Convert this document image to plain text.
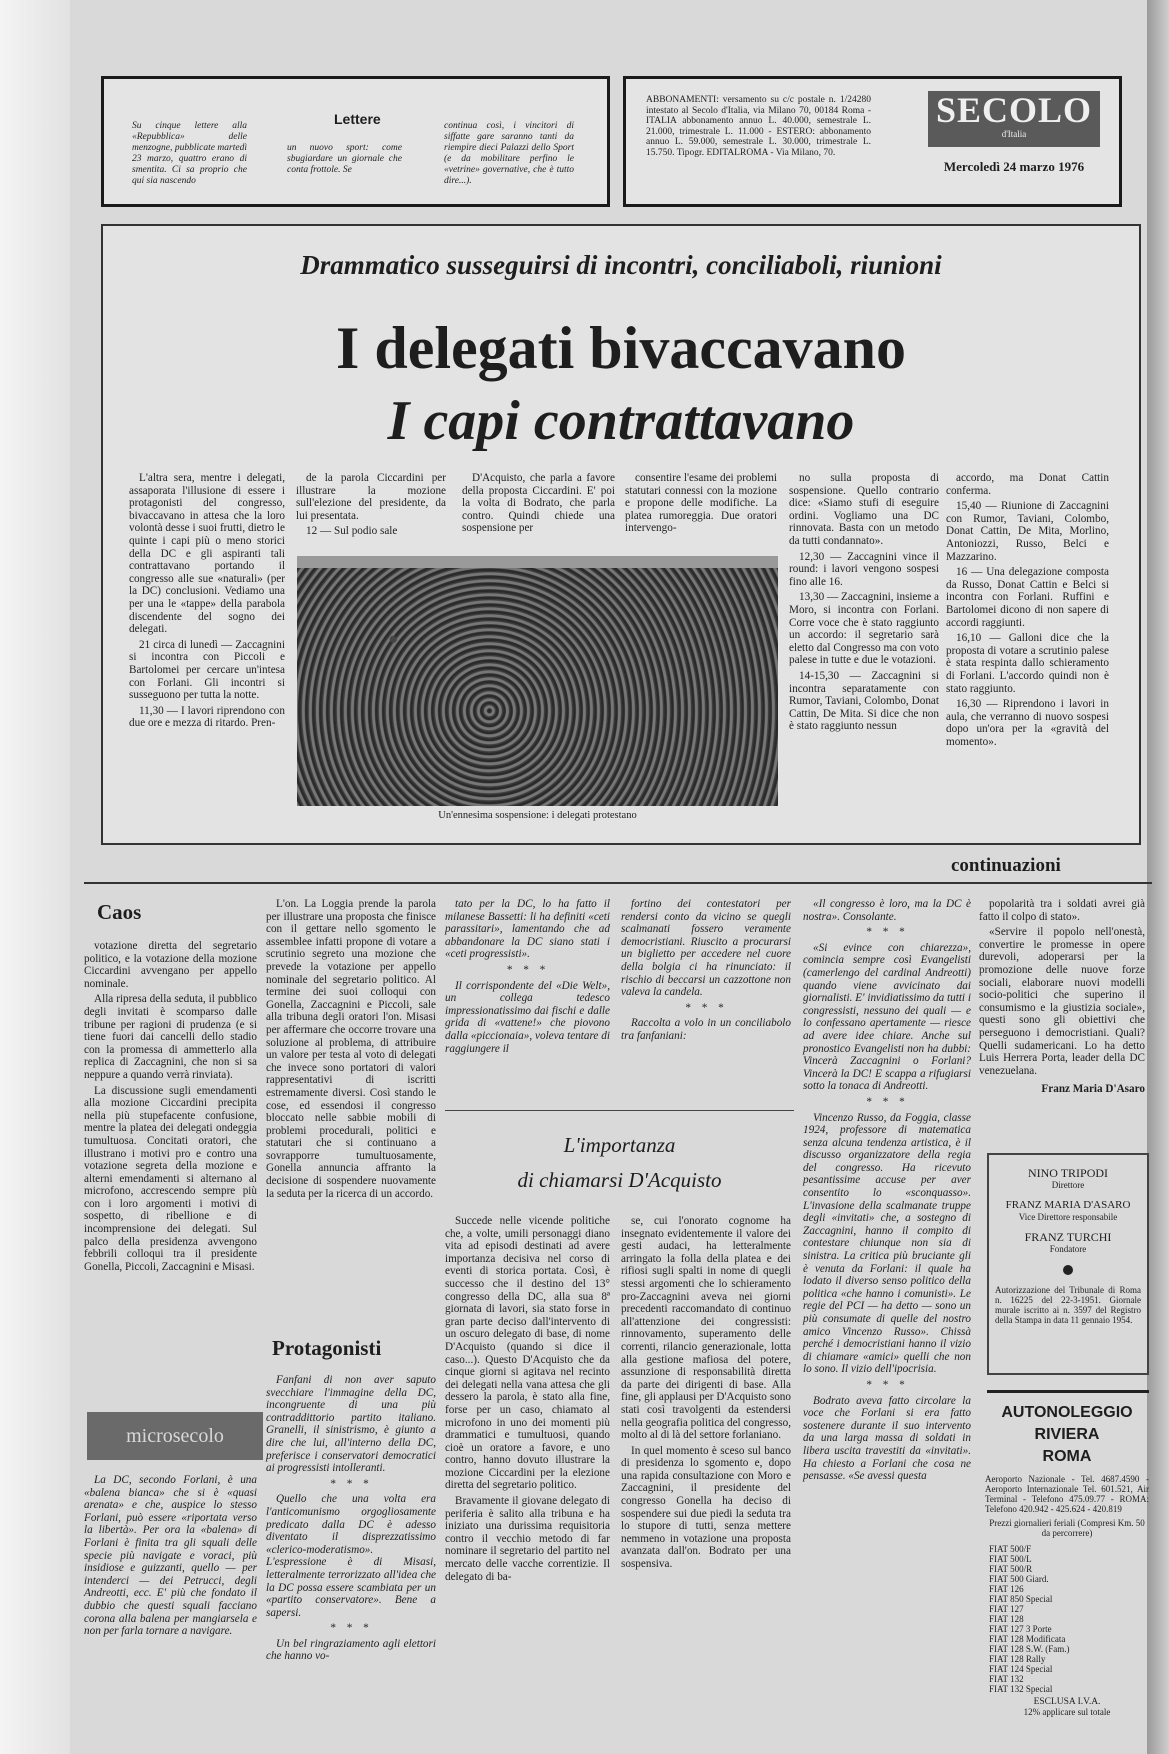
Su cinque lettere alla «Repubblica» delle menzogne, pubblicate martedì 23 marzo, quattro erano di smentita. Ci sa proprio che qui sia nascendo
Lettere
un nuovo sport: come sbugiardare un giornale che conta frottole. Se
continua così, i vincitori di siffatte gare saranno tanti da riempire dieci Palazzi dello Sport (e da mobilitare perfino le «vetrine» governative, che è tutto dire...).
ABBONAMENTI: versamento su c/c postale n. 1/24280 intestato al Secolo d'Italia, via Milano 70, 00184 Roma - ITALIA abbonamento annuo L. 40.000, semestrale L. 21.000, trimestrale L. 11.000 - ESTERO: abbonamento annuo L. 59.000, semestrale L. 30.000, trimestrale L. 15.750. Tipogr. EDITALROMA - Via Milano, 70.
SECOLO
d'Italia
Mercoledì 24 marzo 1976
Drammatico susseguirsi di incontri, conciliaboli, riunioni
I delegati bivaccavano
I capi contrattavano

L'altra sera, mentre i delegati, assaporata l'illusione di essere i protagonisti del congresso, bivaccavano in attesa che la loro volontà desse i suoi frutti, dietro le quinte i capi più o meno storici della DC e gli aspiranti tali contrattavano portando il congresso alle sue «naturali» (per la DC) conclusioni. Vediamo una per una le «tappe» della parabola discendente del sogno dei delegati.

21 circa di lunedì — Zaccagnini si incontra con Piccoli e Bartolomei per cercare un'intesa con Forlani. Gli incontri si susseguono per tutta la notte.

11,30 — I lavori riprendono con due ore e mezza di ritardo. Pren-

de la parola Ciccardini per illustrare la mozione sull'elezione del presidente, da lui presentata.

12 — Sul podio sale

D'Acquisto, che parla a favore della proposta Ciccardini. E' poi la volta di Bodrato, che parla contro. Quindi chiede una sospensione per

consentire l'esame dei problemi statutari connessi con la mozione e propone delle modifiche. La platea rumoreggia. Due oratori intervengo-

no sulla proposta di sospensione. Quello contrario dice: «Siamo stufi di eseguire ordini. Vogliamo una DC rinnovata. Basta con un metodo da tutti condannato».

12,30 — Zaccagnini vince il round: i lavori vengono sospesi fino alle 16.

13,30 — Zaccagnini, insieme a Moro, si incontra con Forlani. Corre voce che è stato raggiunto un accordo: il segretario sarà eletto dal Congresso ma con voto palese in tutte e due le votazioni.

14-15,30 — Zaccagnini si incontra separatamente con Rumor, Taviani, Colombo, Donat Cattin, De Mita. Si dice che non è stato raggiunto nessun

accordo, ma Donat Cattin conferma.

15,40 — Riunione di Zaccagnini con Rumor, Taviani, Colombo, Donat Cattin, De Mita, Morlino, Antoniozzi, Russo, Belci e Mazzarino.

16 — Una delegazione composta da Russo, Donat Cattin e Belci si incontra con Forlani. Ruffini e Bartolomei dicono di non sapere di accordi raggiunti.

16,10 — Galloni dice che la proposta di votare a scrutinio palese è stata respinta dallo schieramento di Forlani. L'accordo quindi non è stato raggiunto.

16,30 — Riprendono i lavori in aula, che verranno di nuovo sospesi dopo un'ora per la «gravità del momento».

Un'ennesima sospensione: i delegati protestano
continuazioni
Caos

votazione diretta del segretario politico, e la votazione della mozione Ciccardini avvengano per appello nominale.

Alla ripresa della seduta, il pubblico degli invitati è scomparso dalle tribune per ragioni di prudenza (e si tiene fuori dai cancelli dello stadio con la promessa di ammetterlo alla replica di Zaccagnini, che non si sa neppure a quando verrà rinviata).

La discussione sugli emendamenti alla mozione Ciccardini precipita nella più stupefacente confusione, mentre la platea dei delegati ondeggia tumultuosa. Concitati oratori, che illustrano i motivi pro e contro una votazione segreta della mozione e alterni emendamenti si alternano al microfono, accrescendo sempre più con i loro argomenti i motivi di sospetto, di ribellione e di incomprensione dei delegati. Sul palco della presidenza avvengono febbrili colloqui tra il presidente Gonella, Piccoli, Zaccagnini e Misasi.

microsecolo

La DC, secondo Forlani, è una «balena bianca» che si è «quasi arenata» e che, auspice lo stesso Forlani, può essere «riportata verso la libertà». Per ora la «balena» di Forlani è finita tra gli squali delle specie più navigate e voraci, più insidiose e guizzanti, quello — per intenderci — dei Petrucci, degli Andreotti, ecc. E' più che fondato il dubbio che questi squali facciano corona alla balena per mangiarsela e non per farla tornare a navigare.

L'on. La Loggia prende la parola per illustrare una proposta che finisce con il gettare nello sgomento le assemblee infatti propone di votare a scrutinio segreto una mozione che prevede la votazione per appello nominale del segretario politico. Al termine dei suoi colloqui con Gonella, Zaccagnini e Piccoli, sale alla tribuna degli oratori l'on. Misasi per affermare che occorre trovare una soluzione al problema, di attribuire un valore per testa al voto di delegati che invece sono portatori di valori rappresentativi di iscritti estremamente diversi. Così stando le cose, ed essendosi il congresso bloccato nelle sabbie mobili di problemi procedurali, politici e statutari che si continuano a sovrapporre tumultuosamente, Gonella annuncia affranto la decisione di sospendere nuovamente la seduta per la ricerca di un accordo.

Protagonisti

Fanfani di non aver saputo svecchiare l'immagine della DC, incongruente di una più contraddittorio partito italiano. Granelli, il sinistrismo, è giunto a dire che lui, all'interno della DC, preferisce i conservatori democratici ai progressisti intolleranti.

* * *

Quello che una volta era l'anticomunismo orgogliosamente predicato dalla DC è adesso diventato il disprezzatissimo «clerico-moderatismo». L'espressione è di Misasi, letteralmente terrorizzato all'idea che la DC possa essere scambiata per un «partito conservatore». Bene a sapersi.

* * *

Un bel ringraziamento agli elettori che hanno vo-

tato per la DC, lo ha fatto il milanese Bassetti: li ha definiti «ceti parassitari», lamentando che ad abbandonare la DC siano stati i «ceti progressisti».

* * *

Il corrispondente del «Die Welt», un collega tedesco impressionatissimo dai fischi e dalle grida di «vattene!» che piovono dalla «piccionaia», voleva tentare di raggiungere il

fortino dei contestatori per rendersi conto da vicino se quegli scalmanati fossero veramente democristiani. Riuscito a procurarsi un biglietto per accedere nel cuore della bolgia ci ha rinunciato: il rischio di beccarsi un cazzottone non valeva la candela.

* * *

Raccolta a volo in un conciliabolo tra fanfaniani:

L'importanza
di chiamarsi D'Acquisto

Succede nelle vicende politiche che, a volte, umili personaggi diano vita ad episodi destinati ad avere importanza decisiva nel corso di eventi di storica portata. Così, è successo che il destino del 13° congresso della DC, alla sua 8ª giornata di lavori, sia stato forse in gran parte deciso dall'intervento di un oscuro delegato di base, di nome D'Acquisto (quando si dice il caso...). Questo D'Acquisto che da cinque giorni si agitava nel recinto dei delegati nella vana attesa che gli dessero la parola, è stato alla fine, forse per un caso, chiamato al microfono in uno dei momenti più drammatici e tumultuosi, quando cioè un oratore a favore, e uno contro, hanno dovuto illustrare la mozione Ciccardini per la elezione diretta del segretario politico.

Bravamente il giovane delegato di periferia è salito alla tribuna e ha iniziato una durissima requisitoria contro il vecchio metodo di far nominare il segretario del partito nel mercato delle vacche correntizie. Il delegato di ba-

se, cui l'onorato cognome ha insegnato evidentemente il valore dei gesti audaci, ha letteralmente arringato la folla della platea e dei rifiosi sugli spalti in nome di quegli stessi argomenti che lo schieramento pro-Zaccagnini aveva nei giorni precedenti raccomandato di continuo all'attenzione dei congressisti: rinnovamento, superamento delle correnti, rilancio generazionale, lotta alla gestione mafiosa del potere, assunzione di responsabilità diretta da parte dei dirigenti di base. Alla fine, gli applausi per D'Acquisto sono stati così travolgenti da estendersi nella geografia politica del congresso, molto al di là del settore forlaniano.

In quel momento è sceso sul banco di presidenza lo sgomento e, dopo una rapida consultazione con Moro e Zaccagnini, il presidente del congresso Gonella ha deciso di sospendere sui due piedi la seduta tra lo stupore di tutti, senza mettere nemmeno in votazione una proposta avanzata dall'on. Bodrato per una sospensiva.

«Il congresso è loro, ma la DC è nostra». Consolante.

* * *

«Si evince con chiarezza», comincia sempre così Evangelisti (camerlengo del cardinal Andreotti) quando viene avvicinato dai giornalisti. E' invidiatissimo da tutti i congressisti, nessuno dei quali — e lo confessano apertamente — riesce ad avere idee chiare. Anche sul pronostico Evangelisti non ha dubbi: Vincerà Zaccagnini o Forlani? Vincerà la DC! E scappa a rifugiarsi sotto la tonaca di Andreotti.

* * *

Vincenzo Russo, da Foggia, classe 1924, professore di matematica senza alcuna tendenza artistica, è il discusso organizzatore della regia del congresso. Ha ricevuto pesantissime accuse per aver consentito lo «sconquasso». L'invasione della scalmanate truppe degli «invitati» che, a sostegno di Zaccagnini, hanno il compito di contestare chiunque non sia di sinistra. La critica più bruciante gli è venuta da Forlani: il quale ha lodato il diverso senso politico della politica «che hanno i comunisti». Le regie del PCI — ha detto — sono un più consumate di quelle del nostro amico Vincenzo Russo». Chissà perché i democristiani hanno il vizio di chiamare «amici» quelli che non lo sono. Il vizio dell'ipocrisia.

* * *

Bodrato aveva fatto circolare la voce che Forlani si era fatto sostenere durante il suo intervento da una larga massa di soldati in libera uscita travestiti da «invitati». Ha chiesto a Forlani che cosa ne pensasse. «Se avessi questa

popolarità tra i soldati avrei già fatto il colpo di stato».

«Servire il popolo nell'onestà, convertire le promesse in opere durevoli, adoperarsi per la promozione delle nuove forze sociali, elaborare nuovi modelli socio-politici che superino il consumismo e la giustizia sociale», questi sono gli obiettivi che perseguono i democristiani. Quali? Quelli sudamericani. Lo ha detto Luis Herrera Porta, leader della DC venezuelana.

Franz Maria D'Asaro
NINO TRIPODI
Direttore
FRANZ MARIA D'ASARO
Vice Direttore responsabile
FRANZ TURCHI
Fondatore
Autorizzazione del Tribunale di Roma n. 16225 del 22-3-1951. Giornale murale iscritto ai n. 3597 del Registro della Stampa in data 11 gennaio 1954.
AUTONOLEGGIO
RIVIERA
ROMA
Aeroporto Nazionale - Tel. 4687.4590 - Aeroporto Internazionale Tel. 601.521, Air Terminal - Telefono 475.09.77 - ROMA: Telefono 420.942 - 425.624 - 420.819
Prezzi giornalieri feriali (Compresi Km. 50 da percorrere)
FIAT 500/F
FIAT 500/L
FIAT 500/R
FIAT 500 Giard.
FIAT 126
FIAT 850 Special
FIAT 127
FIAT 128
FIAT 127 3 Porte
FIAT 128 Modificata
FIAT 128 S.W. (Fam.)
FIAT 128 Rally
FIAT 124 Special
FIAT 132
FIAT 132 Special
ESCLUSA I.V.A.
12% applicare sul totale
